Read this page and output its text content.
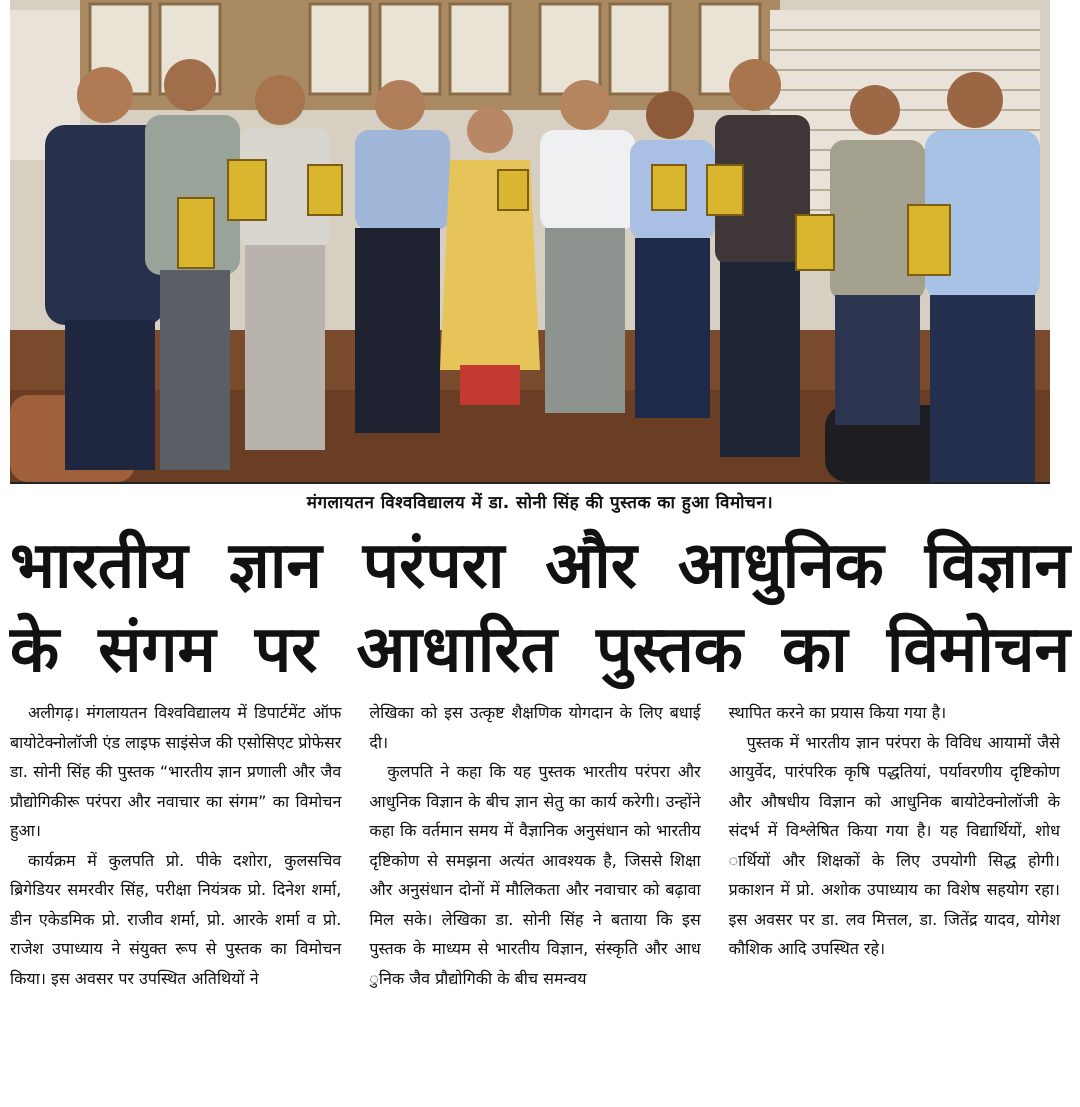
मंगलायतन विश्वविद्यालय में डा. सोनी सिंह की पुस्तक का हुआ विमोचन।
भारतीय ज्ञान परंपरा और आधुनिक विज्ञान
के संगम पर आधारित पुस्तक का विमोचन

अलीगढ़। मंगलायतन विश्वविद्यालय में डिपार्टमेंट ऑफ बायोटेक्नोलॉजी एंड लाइफ साइंसेज की एसोसिएट प्रोफेसर डा. सोनी सिंह की पुस्तक “भारतीय ज्ञान प्रणाली और जैव प्रौद्योगिकीरू परंपरा और नवाचार का संगम” का विमोचन हुआ।

कार्यक्रम में कुलपति प्रो. पीके दशोरा, कुलसचिव ब्रिगेडियर समरवीर सिंह, परीक्षा नियंत्रक प्रो. दिनेश शर्मा, डीन एकेडमिक प्रो. राजीव शर्मा, प्रो. आरके शर्मा व प्रो. राजेश उपाध्याय ने संयुक्त रूप से पुस्तक का विमोचन किया। इस अवसर पर उपस्थित अतिथियों ने

लेखिका को इस उत्कृष्ट शैक्षणिक योगदान के लिए बधाई दी।

कुलपति ने कहा कि यह पुस्तक भारतीय परंपरा और आधुनिक विज्ञान के बीच ज्ञान सेतु का कार्य करेगी। उन्होंने कहा कि वर्तमान समय में वैज्ञानिक अनुसंधान को भारतीय दृष्टिकोण से समझना अत्यंत आवश्यक है, जिससे शिक्षा और अनुसंधान दोनों में मौलिकता और नवाचार को बढ़ावा मिल सके। लेखिका डा. सोनी सिंह ने बताया कि इस पुस्तक के माध्यम से भारतीय विज्ञान, संस्कृति और आध ुनिक जैव प्रौद्योगिकी के बीच समन्वय

स्थापित करने का प्रयास किया गया है।

पुस्तक में भारतीय ज्ञान परंपरा के विविध आयामों जैसे आयुर्वेद, पारंपरिक कृषि पद्धतियां, पर्यावरणीय दृष्टिकोण और औषधीय विज्ञान को आधुनिक बायोटेक्नोलॉजी के संदर्भ में विश्लेषित किया गया है। यह विद्यार्थियों, शोध ार्थियों और शिक्षकों के लिए उपयोगी सिद्ध होगी। प्रकाशन में प्रो. अशोक उपाध्याय का विशेष सहयोग रहा। इस अवसर पर डा. लव मित्तल, डा. जितेंद्र यादव, योगेश कौशिक आदि उपस्थित रहे।
